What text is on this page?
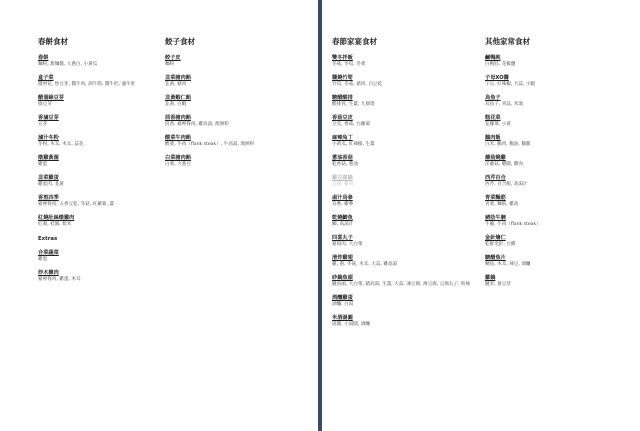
春餅食材
春餅
麵粉, 甜麵醬, 大蔥白, 小黃瓜
盒子菜
醬肘花, 炒豆芽, 醬牛肉, 酒牛筋, 醬牛肚, 滷牛肚
醋溜綠豆芽
綠豆芽
香滷豆芽
豆芽
滷汁冬粉
冬粉, 木耳, 木耳, 蒜花
燉雞黃菌
雞蛋
韭菜雞蛋
雞蛋肉, 韭黃
香煎四季
豬裡脊肉, 五香豆乾, 冬菇, 紅蘿蔔, 薑
紅燒肚絲燉雞肉
紅棗, 桂圓, 紫米
Extras
合菜蔬菜
雞蛋
炒木樨肉
豬裡脊肉, 雞蛋, 木耳
餃子食材
餃子皮
麵粉
韭菜豬肉餡
韭黃, 豬肉
韭黃蝦仁餡
韭黃, 白蝦
茴香豬肉餡
茴香, 豬裡脊肉, 雞高湯, 澳洲粉
酸菜牛肉餡
酸菜, 牛肉（flank steak）, 牛高湯, 澳洲粉
白菜豬肉餡
白菜, 大蔥白
春節家宴食材
雙冬拌飯
冬菇, 冬筍, 冬菜
醬燒竹筍
竹筍, 冬菇, 豬肉, 白豆乾
糖醋酸排
酸排骨, 生薑, 九層塔
香菇豆皮
豆皮, 香菇, 白蘿蔔
麻辣兔丁
小黃瓜, 紅辣椒, 生薑
蔥油香菇
乾香菇, 蔥油
雞豆腐鍋
豆腐, 雞肉
鹵汁烏參
烏參, 雞參
乾燒鯽魚
鯽, 高湯汁
四喜丸子
豬絞肉, 大白菜
清炸雞翅
雞, 蔥, 冬菇, 木耳, 大蒜, 雞高湯
砂鍋魚頭
鰱魚頭, 大白菜, 豬高湯, 生薑, 大蒜, 凍豆腐, 薄豆腐, 豆腐丸子, 粉絲
酒釀雞蛋
酒釀, 白湯
米酒湯圓
湯圓, 小湯圓, 酒釀
其他家常食材
鹹鴨肫
白鴨胗, 花椒鹽
子母XO醬
干貝, 紅辣椒, 大蒜, 小蝦
烏魚子
烏魚子, 青蒜, 米酒
糕花菜
花椰菜, 小黃
鵝肉飯
白米, 鵝肉, 鵝油, 鵝腿
蘑菇燒雞
洋蘑菇, 雞腿, 雞肉
西芹百合
西芹, 百合根, 高湯汁
青菜麵筋
青菜, 麵筋, 雞高
豬肋牛腩
牛腩, 牛肉（flank steak）
金針燴仁
乾鮮金針, 白鰈
糖醋魚片
鯛魚, 木耳, 辣豆, 酒釀
雞鍋
鰱米, 黃豆芽
